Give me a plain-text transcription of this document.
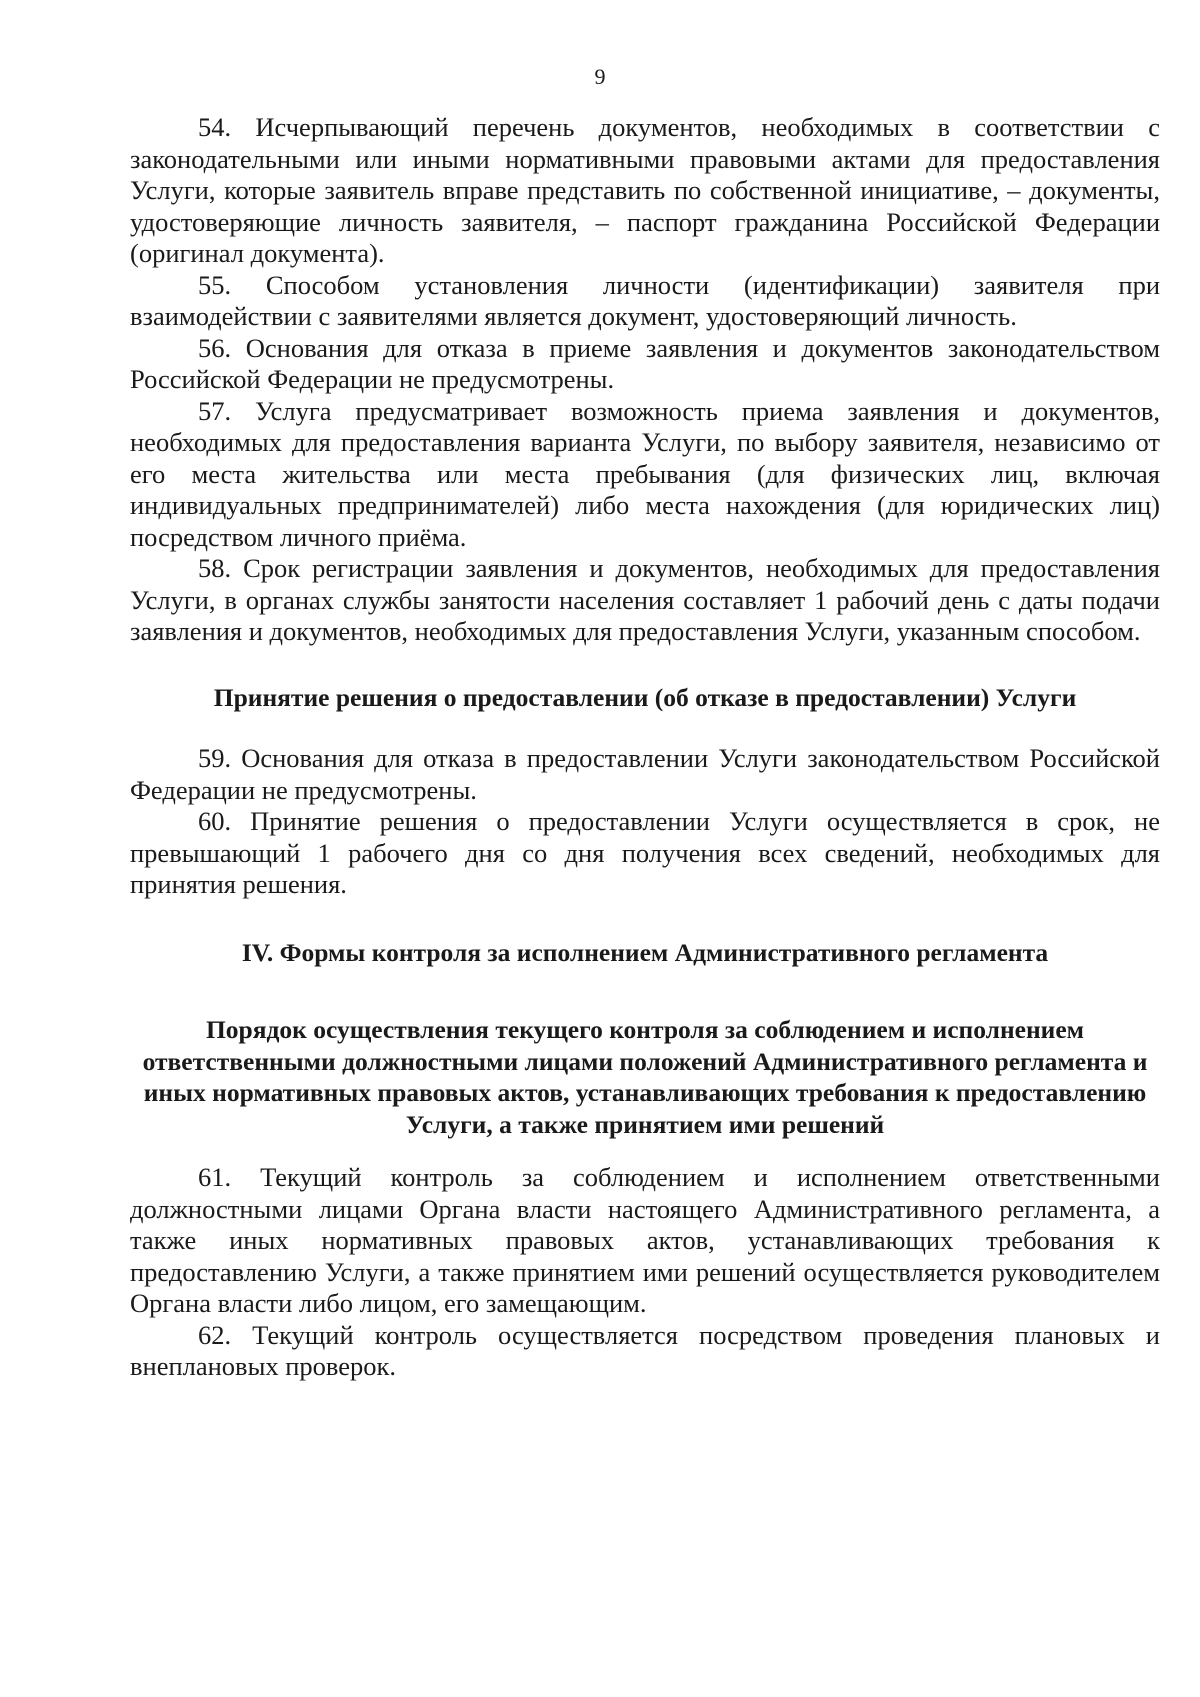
9

54. Исчерпывающий перечень документов, необходимых в соответствии с законодательными или иными нормативными правовыми актами для предоставления Услуги, которые заявитель вправе представить по собственной инициативе, – документы, удостоверяющие личность заявителя, – паспорт гражданина Российской Федерации (оригинал документа).

55. Способом установления личности (идентификации) заявителя при взаимодействии с заявителями является документ, удостоверяющий личность.

56. Основания для отказа в приеме заявления и документов законодательством Российской Федерации не предусмотрены.

57. Услуга предусматривает возможность приема заявления и документов, необходимых для предоставления варианта Услуги, по выбору заявителя, независимо от его места жительства или места пребывания (для физических лиц, включая индивидуальных предпринимателей) либо места нахождения (для юридических лиц) посредством личного приёма.

58. Срок регистрации заявления и документов, необходимых для предоставления Услуги, в органах службы занятости населения составляет 1 рабочий день с даты подачи заявления и документов, необходимых для предоставления Услуги, указанным способом.

Принятие решения о предоставлении (об отказе в предоставлении) Услуги

59. Основания для отказа в предоставлении Услуги законодательством Российской Федерации не предусмотрены.

60. Принятие решения о предоставлении Услуги осуществляется в срок, не превышающий 1 рабочего дня со дня получения всех сведений, необходимых для принятия решения.

IV. Формы контроля за исполнением Административного регламента
Порядок осуществления текущего контроля за соблюдением и исполнением ответственными должностными лицами положений Административного регламента и иных нормативных правовых актов, устанавливающих требования к предоставлению Услуги, а также принятием ими решений

61. Текущий контроль за соблюдением и исполнением ответственными должностными лицами Органа власти настоящего Административного регламента, а также иных нормативных правовых актов, устанавливающих требования к предоставлению Услуги, а также принятием ими решений осуществляется руководителем Органа власти либо лицом, его замещающим.

62. Текущий контроль осуществляется посредством проведения плановых и внеплановых проверок.
